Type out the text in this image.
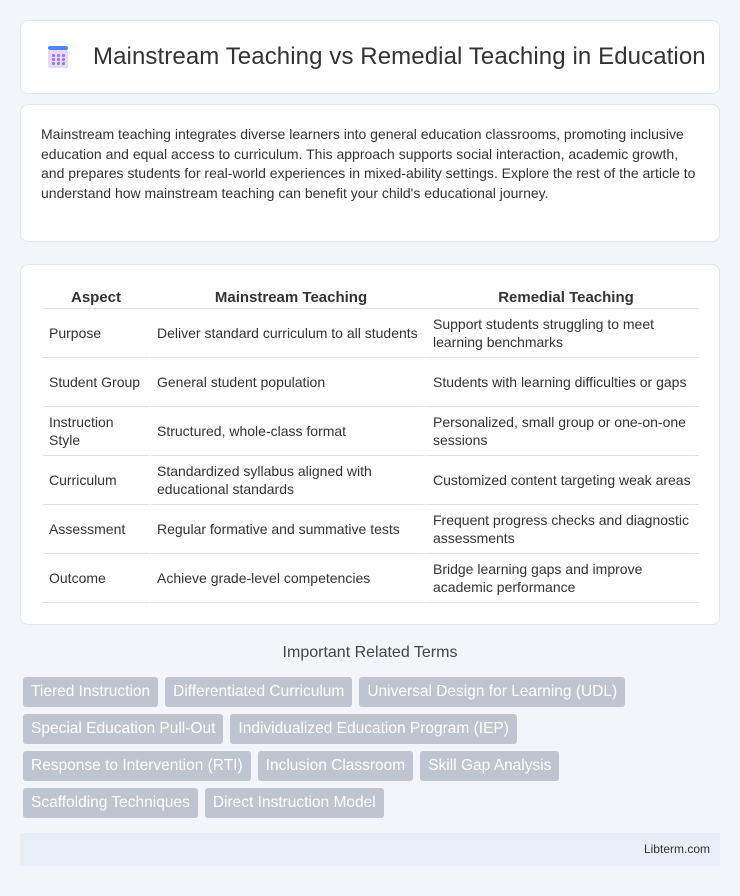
Mainstream Teaching vs Remedial Teaching in Education

Mainstream teaching integrates diverse learners into general education classrooms, promoting inclusive education and equal access to curriculum. This approach supports social interaction, academic growth, and prepares students for real-world experiences in mixed-ability settings. Explore the rest of the article to understand how mainstream teaching can benefit your child's educational journey.

Aspect	Mainstream Teaching	Remedial Teaching
Purpose	Deliver standard curriculum to all students	Support students struggling to meet learning benchmarks
Student Group	General student population	Students with learning difficulties or gaps
Instruction Style	Structured, whole-class format	Personalized, small group or one-on-one sessions
Curriculum	Standardized syllabus aligned with educational standards	Customized content targeting weak areas
Assessment	Regular formative and summative tests	Frequent progress checks and diagnostic assessments
Outcome	Achieve grade-level competencies	Bridge learning gaps and improve academic performance
Important Related Terms
Tiered Instruction	Differentiated Curriculum	Universal Design for Learning (UDL)
Special Education Pull-Out	Individualized Education Program (IEP)
Response to Intervention (RTI)	Inclusion Classroom	Skill Gap Analysis
Scaffolding Techniques	Direct Instruction Model
Libterm.com
